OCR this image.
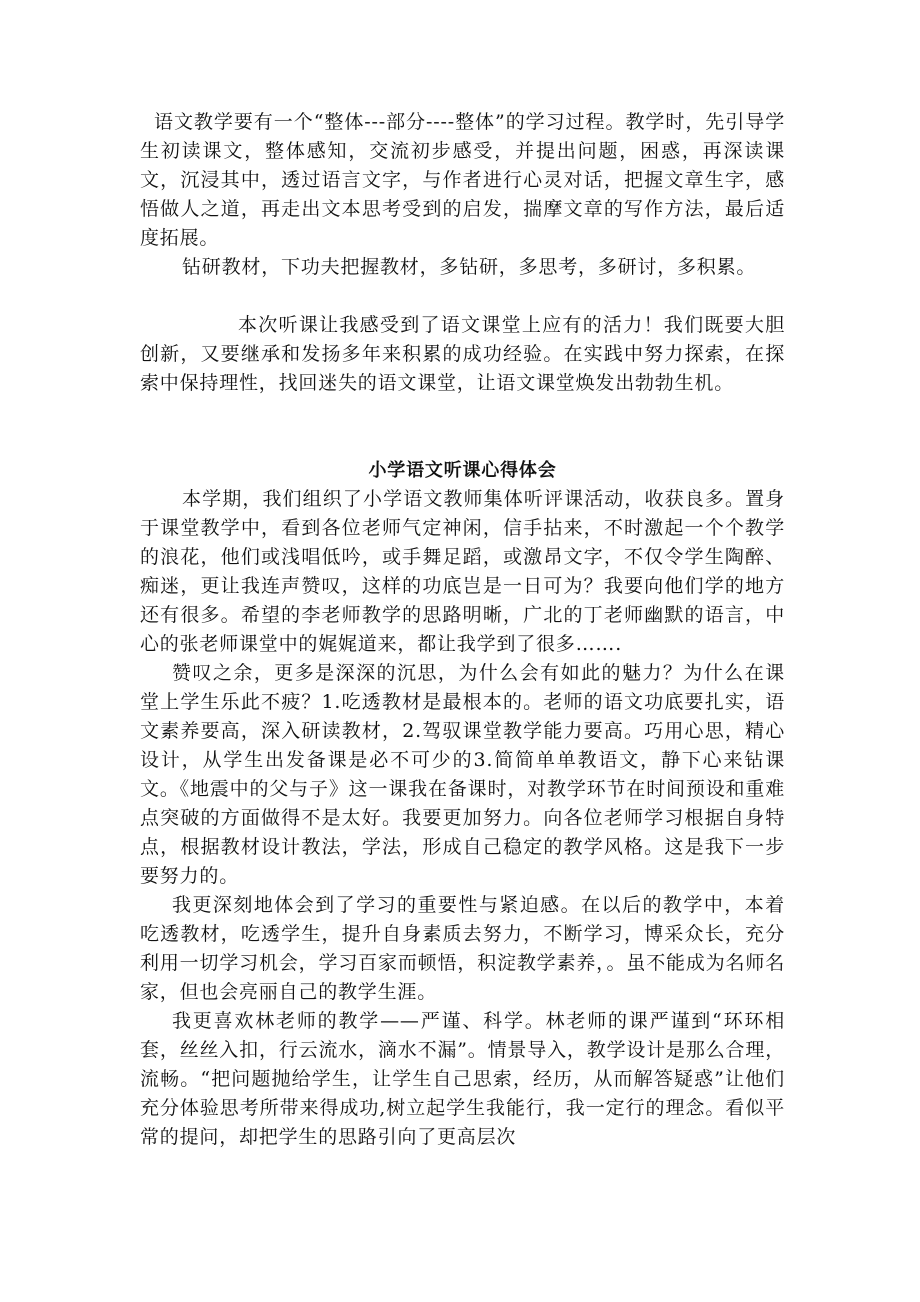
语文教学要有一个“整体---部分----整体”的学习过程。教学时，先引导学生初读课文，整体感知，交流初步感受，并提出问题，困惑，再深读课文，沉浸其中，透过语言文字，与作者进行心灵对话，把握文章生字，感悟做人之道，再走出文本思考受到的启发，揣摩文章的写作方法，最后适度拓展。

钻研教材，下功夫把握教材，多钻研，多思考，多研讨，多积累。

本次听课让我感受到了语文课堂上应有的活力！我们既要大胆创新，又要继承和发扬多年来积累的成功经验。在实践中努力探索，在探索中保持理性，找回迷失的语文课堂，让语文课堂焕发出勃勃生机。

小学语文听课心得体会

本学期，我们组织了小学语文教师集体听评课活动，收获良多。置身于课堂教学中，看到各位老师气定神闲，信手拈来，不时激起一个个教学的浪花，他们或浅唱低吟，或手舞足蹈，或激昂文字，不仅令学生陶醉、痴迷，更让我连声赞叹，这样的功底岂是一日可为？我要向他们学的地方还有很多。希望的李老师教学的思路明晰，广北的丁老师幽默的语言，中心的张老师课堂中的娓娓道来，都让我学到了很多…….

赞叹之余，更多是深深的沉思，为什么会有如此的魅力？为什么在课堂上学生乐此不疲？1.吃透教材是最根本的。老师的语文功底要扎实，语文素养要高，深入研读教材，2.驾驭课堂教学能力要高。巧用心思，精心设计，从学生出发备课是必不可少的3.简简单单教语文，静下心来钻课文。《地震中的父与子》这一课我在备课时，对教学环节在时间预设和重难点突破的方面做得不是太好。我要更加努力。向各位老师学习根据自身特点，根据教材设计教法，学法，形成自己稳定的教学风格。这是我下一步要努力的。

我更深刻地体会到了学习的重要性与紧迫感。在以后的教学中，本着吃透教材，吃透学生，提升自身素质去努力，不断学习，博采众长，充分利用一切学习机会，学习百家而顿悟，积淀教学素养，。虽不能成为名师名家，但也会亮丽自己的教学生涯。

我更喜欢林老师的教学——严谨、科学。林老师的课严谨到“环环相套，丝丝入扣，行云流水，滴水不漏”。情景导入，教学设计是那么合理，流畅。“把问题抛给学生，让学生自己思索，经历，从而解答疑惑”让他们充分体验思考所带来得成功,树立起学生我能行，我一定行的理念。看似平常的提问，却把学生的思路引向了更高层次
